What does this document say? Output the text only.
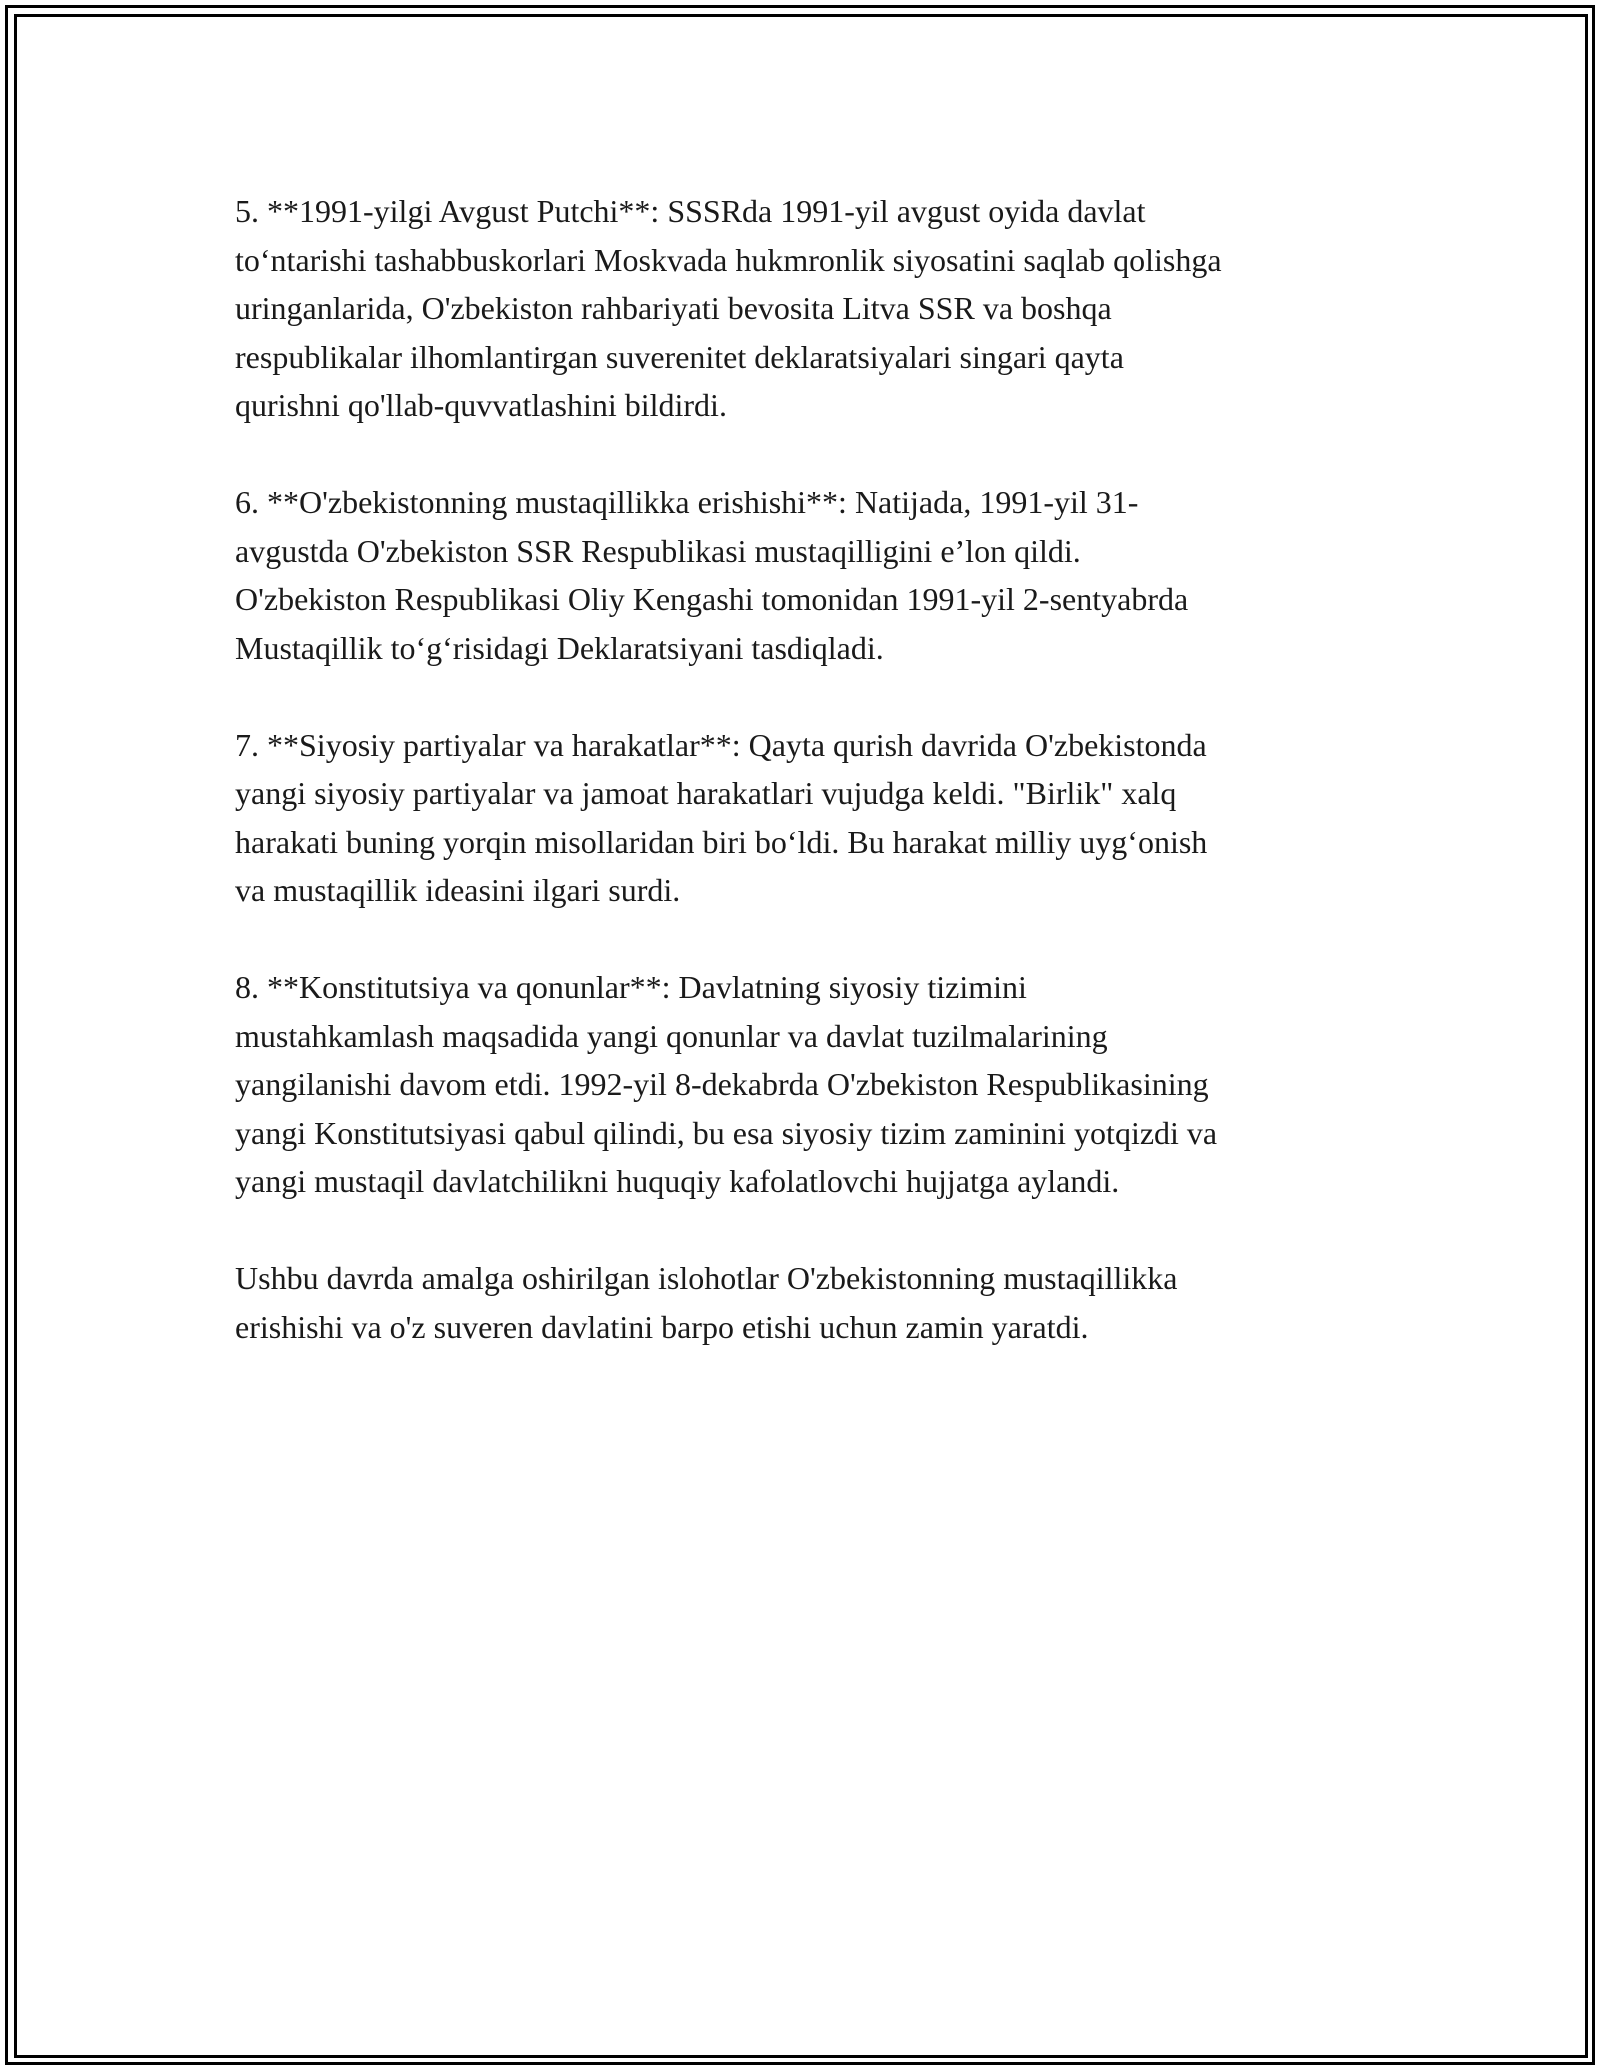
5. **1991-yilgi Avgust Putchi**: SSSRda 1991-yil avgust oyida davlat
to‘ntarishi tashabbuskorlari Moskvada hukmronlik siyosatini saqlab qolishga
uringanlarida, O'zbekiston rahbariyati bevosita Litva SSR va boshqa
respublikalar ilhomlantirgan suverenitet deklaratsiyalari singari qayta
qurishni qo'llab-quvvatlashini bildirdi.

6. **O'zbekistonning mustaqillikka erishishi**: Natijada, 1991-yil 31-
avgustda O'zbekiston SSR Respublikasi mustaqilligini e’lon qildi.
O'zbekiston Respublikasi Oliy Kengashi tomonidan 1991-yil 2-sentyabrda
Mustaqillik to‘g‘risidagi Deklaratsiyani tasdiqladi.

7. **Siyosiy partiyalar va harakatlar**: Qayta qurish davrida O'zbekistonda
yangi siyosiy partiyalar va jamoat harakatlari vujudga keldi. "Birlik" xalq
harakati buning yorqin misollaridan biri bo‘ldi. Bu harakat milliy uyg‘onish
va mustaqillik ideasini ilgari surdi.

8. **Konstitutsiya va qonunlar**: Davlatning siyosiy tizimini
mustahkamlash maqsadida yangi qonunlar va davlat tuzilmalarining
yangilanishi davom etdi. 1992-yil 8-dekabrda O'zbekiston Respublikasining
yangi Konstitutsiyasi qabul qilindi, bu esa siyosiy tizim zaminini yotqizdi va
yangi mustaqil davlatchilikni huquqiy kafolatlovchi hujjatga aylandi.

Ushbu davrda amalga oshirilgan islohotlar O'zbekistonning mustaqillikka
erishishi va o'z suveren davlatini barpo etishi uchun zamin yaratdi.
